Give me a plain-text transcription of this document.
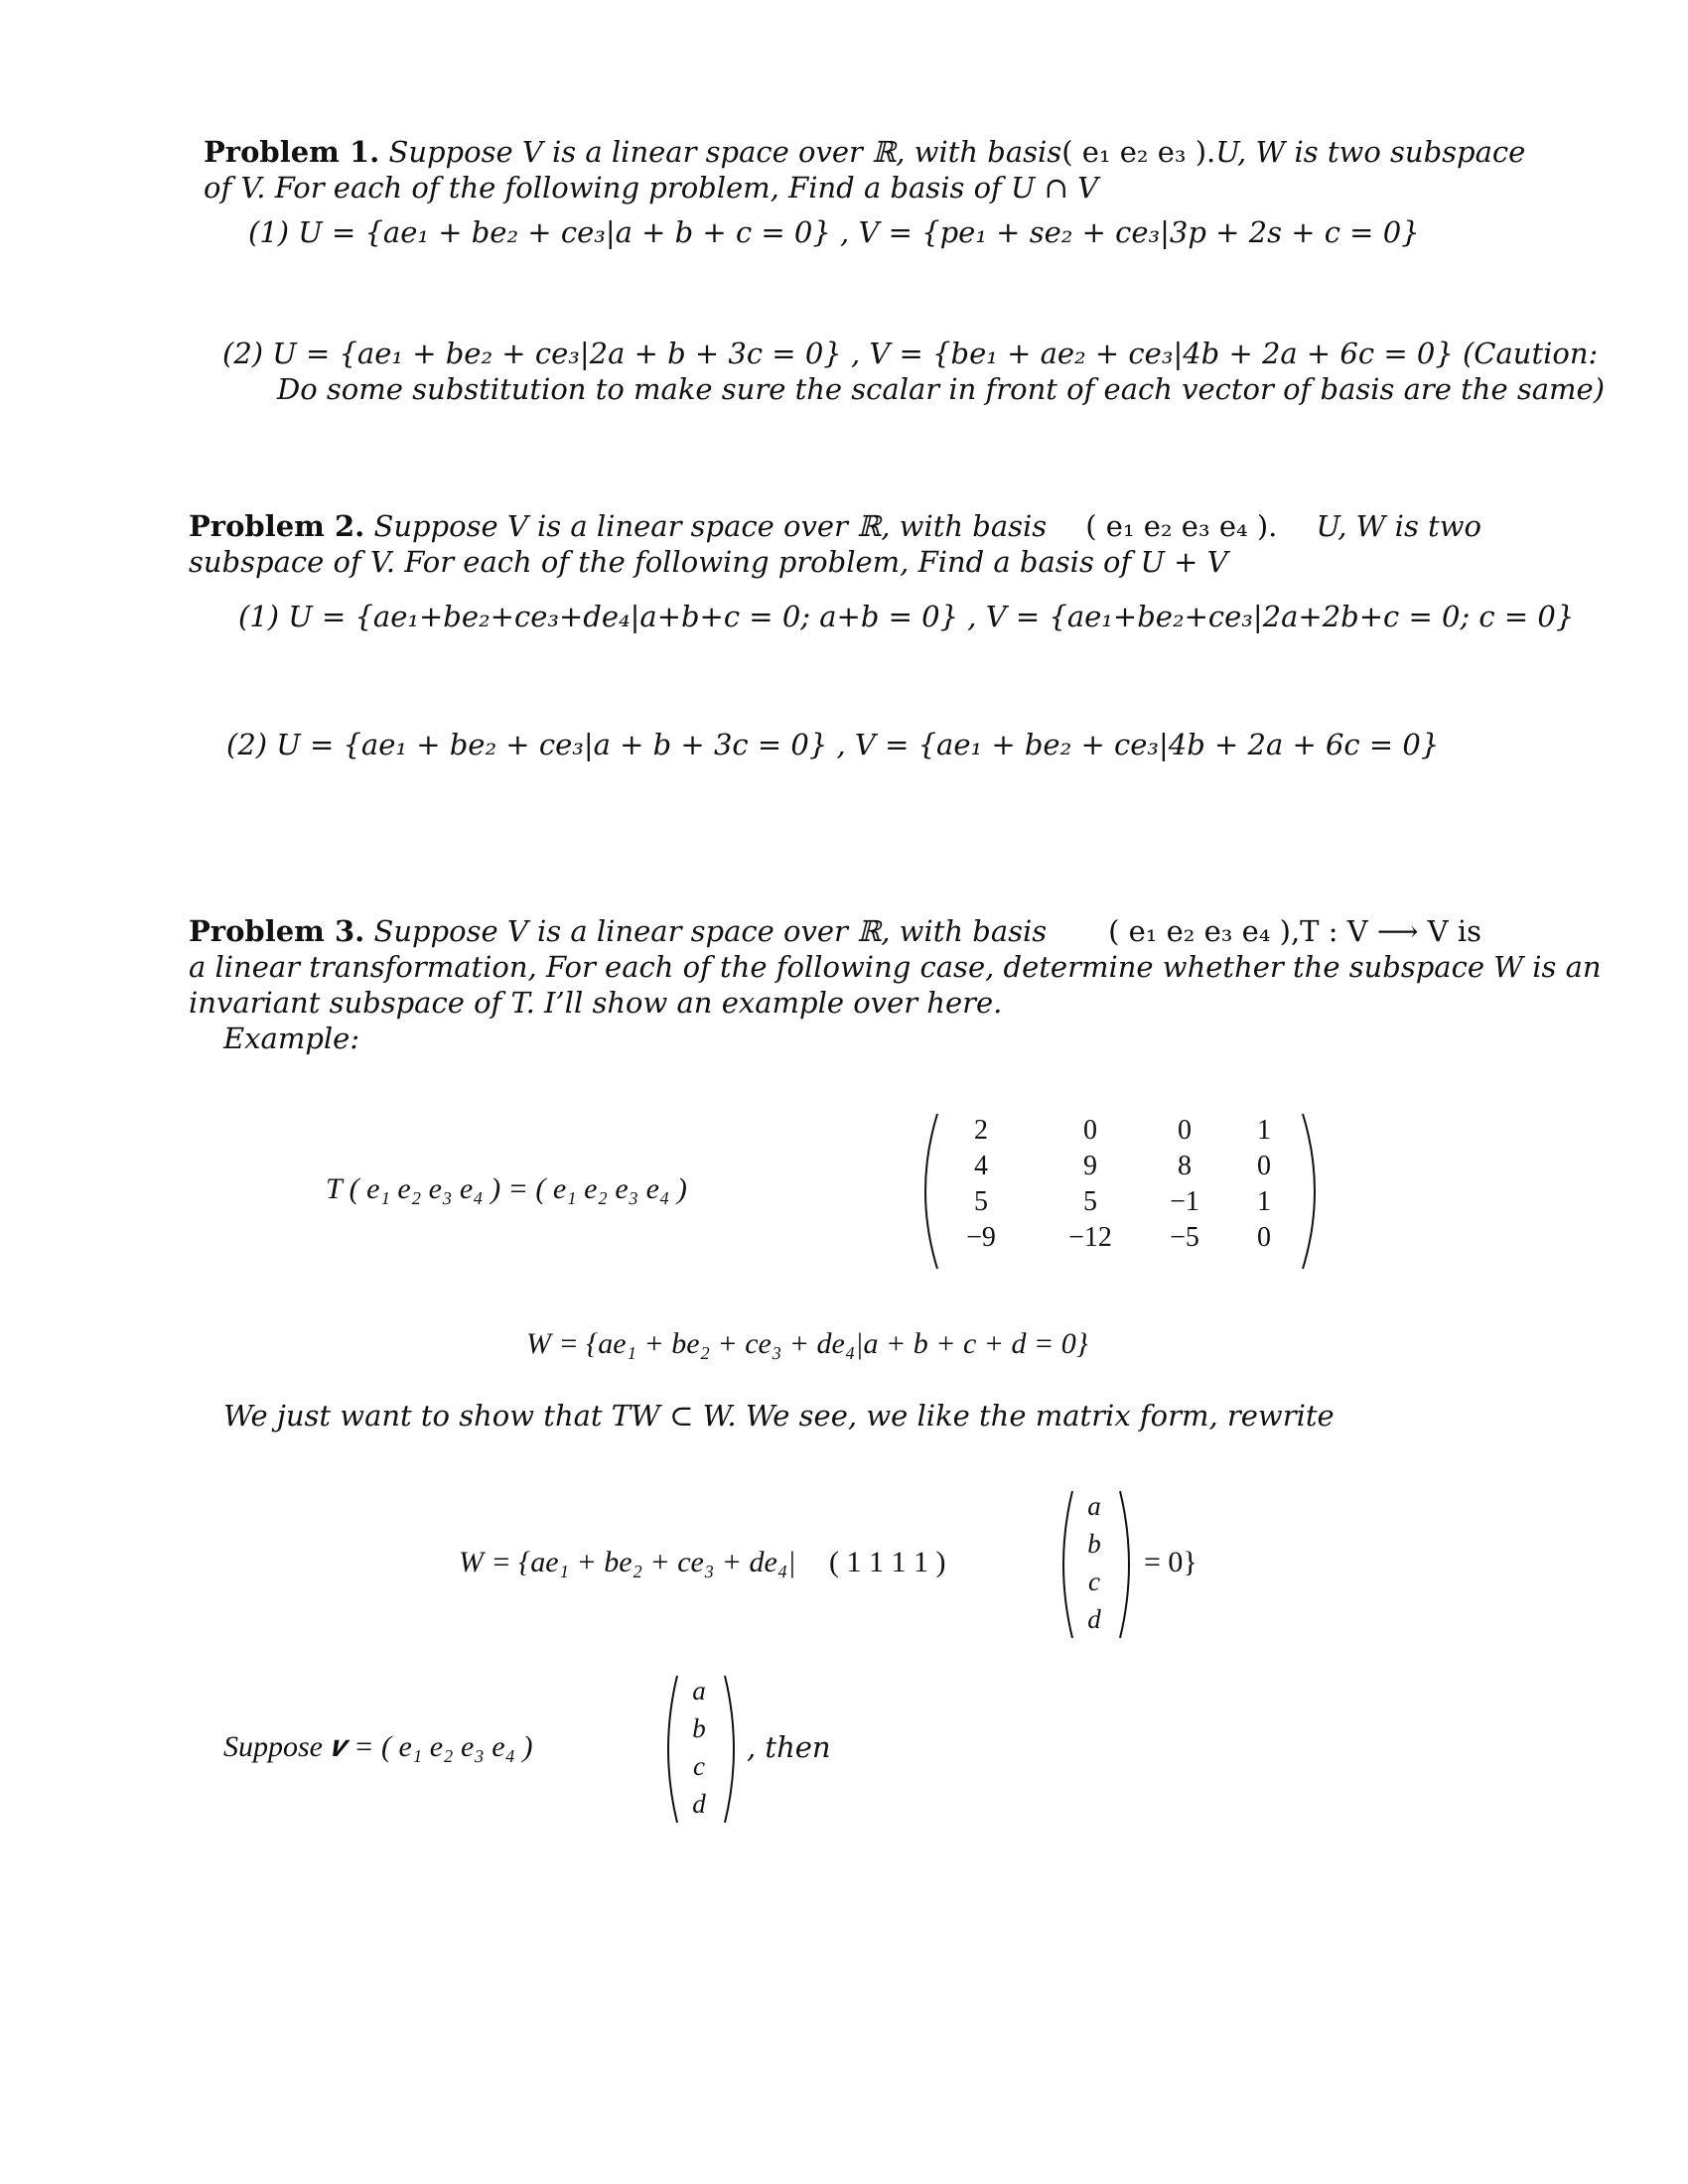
Problem 1. Suppose V is a linear space over ℝ, with basis ( e₁ e₂ e₃ ). U, W is two subspace
of V. For each of the following problem, Find a basis of U ∩ V
(1) U = {ae₁ + be₂ + ce₃|a + b + c = 0} , V = {pe₁ + se₂ + ce₃|3p + 2s + c = 0}
(2) U = {ae₁ + be₂ + ce₃|2a + b + 3c = 0} , V = {be₁ + ae₂ + ce₃|4b + 2a + 6c = 0} (Caution:
Do some substitution to make sure the scalar in front of each vector of basis are the same)
Problem 2. Suppose V is a linear space over ℝ, with basis ( e₁ e₂ e₃ e₄ ). U, W is two
subspace of V. For each of the following problem, Find a basis of U + V
(1) U = {ae₁+be₂+ce₃+de₄|a+b+c = 0; a+b = 0} , V = {ae₁+be₂+ce₃|2a+2b+c = 0; c = 0}
(2) U = {ae₁ + be₂ + ce₃|a + b + 3c = 0} , V = {ae₁ + be₂ + ce₃|4b + 2a + 6c = 0}
Problem 3. Suppose V is a linear space over ℝ, with basis ( e₁ e₂ e₃ e₄ ),T : V ⟶ V is
a linear transformation, For each of the following case, determine whether the subspace W is an
invariant subspace of T. I’ll show an example over here.
Example:
T ( e₁ e₂ e₃ e₄ ) = ( e₁ e₂ e₃ e₄ )
2	0	0	1
4	9	8	0
5	5	−1	1
−9	−12	−5	0
W = {ae₁ + be₂ + ce₃ + de₄|a + b + c + d = 0}
We just want to show that TW ⊂ W. We see, we like the matrix form, rewrite
W = {ae₁ + be₂ + ce₃ + de₄| ( 1 1 1 1 )
a
b
c
d
= 0}
Suppose 𝒗 = ( e₁ e₂ e₃ e₄ )
a
b
c
d
, then
